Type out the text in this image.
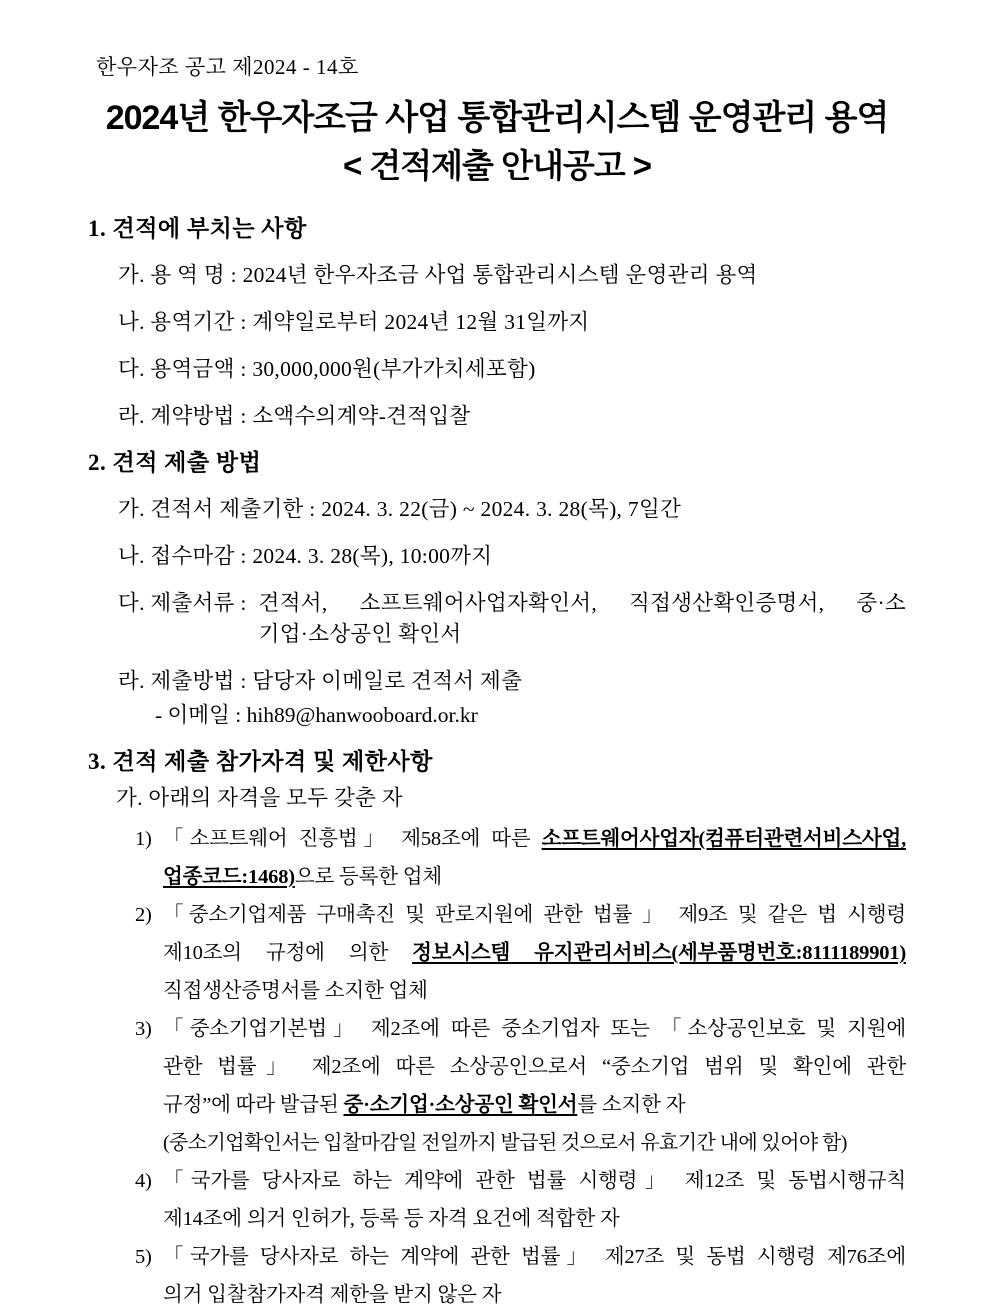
한우자조 공고 제2024 - 14호
2024년 한우자조금 사업 통합관리시스템 운영관리 용역
< 견적제출 안내공고 >
1. 견적에 부치는 사항
가. 용 역 명 : 2024년 한우자조금 사업 통합관리시스템 운영관리 용역
나. 용역기간 : 계약일로부터 2024년 12월 31일까지
다. 용역금액 : 30,000,000원(부가가치세포함)
라. 계약방법 : 소액수의계약-견적입찰
2. 견적 제출 방법
가. 견적서 제출기한 : 2024. 3. 22(금) ~ 2024. 3. 28(목), 7일간
나. 접수마감 : 2024. 3. 28(목), 10:00까지
다. 제출서류 : 견적서, 소프트웨어사업자확인서, 직접생산확인증명서, 중·소
기업·소상공인 확인서
라. 제출방법 : 담당자 이메일로 견적서 제출
- 이메일 : hih89@hanwooboard.or.kr
3. 견적 제출 참가자격 및 제한사항
가. 아래의 자격을 모두 갖춘 자
1) 「소프트웨어 진흥법」 제58조에 따른 소프트웨어사업자(컴퓨터관련서비스사업,
업종코드:1468)으로 등록한 업체
2) 「중소기업제품 구매촉진 및 판로지원에 관한 법률 」 제9조 및 같은 법 시행령
제10조의 규정에 의한 정보시스템 유지관리서비스(세부품명번호:8111189901)
직접생산증명서를 소지한 업체
3) 「중소기업기본법」 제2조에 따른 중소기업자 또는 「소상공인보호 및 지원에
관한 법률」 제2조에 따른 소상공인으로서 “중소기업 범위 및 확인에 관한
규정”에 따라 발급된 중·소기업·소상공인 확인서를 소지한 자
(중소기업확인서는 입찰마감일 전일까지 발급된 것으로서 유효기간 내에 있어야 함)
4) 「국가를 당사자로 하는 계약에 관한 법률 시행령」 제12조 및 동법시행규칙
제14조에 의거 인허가, 등록 등 자격 요건에 적합한 자
5) 「국가를 당사자로 하는 계약에 관한 법률」 제27조 및 동법 시행령 제76조에
의거 입찰참가자격 제한을 받지 않은 자
